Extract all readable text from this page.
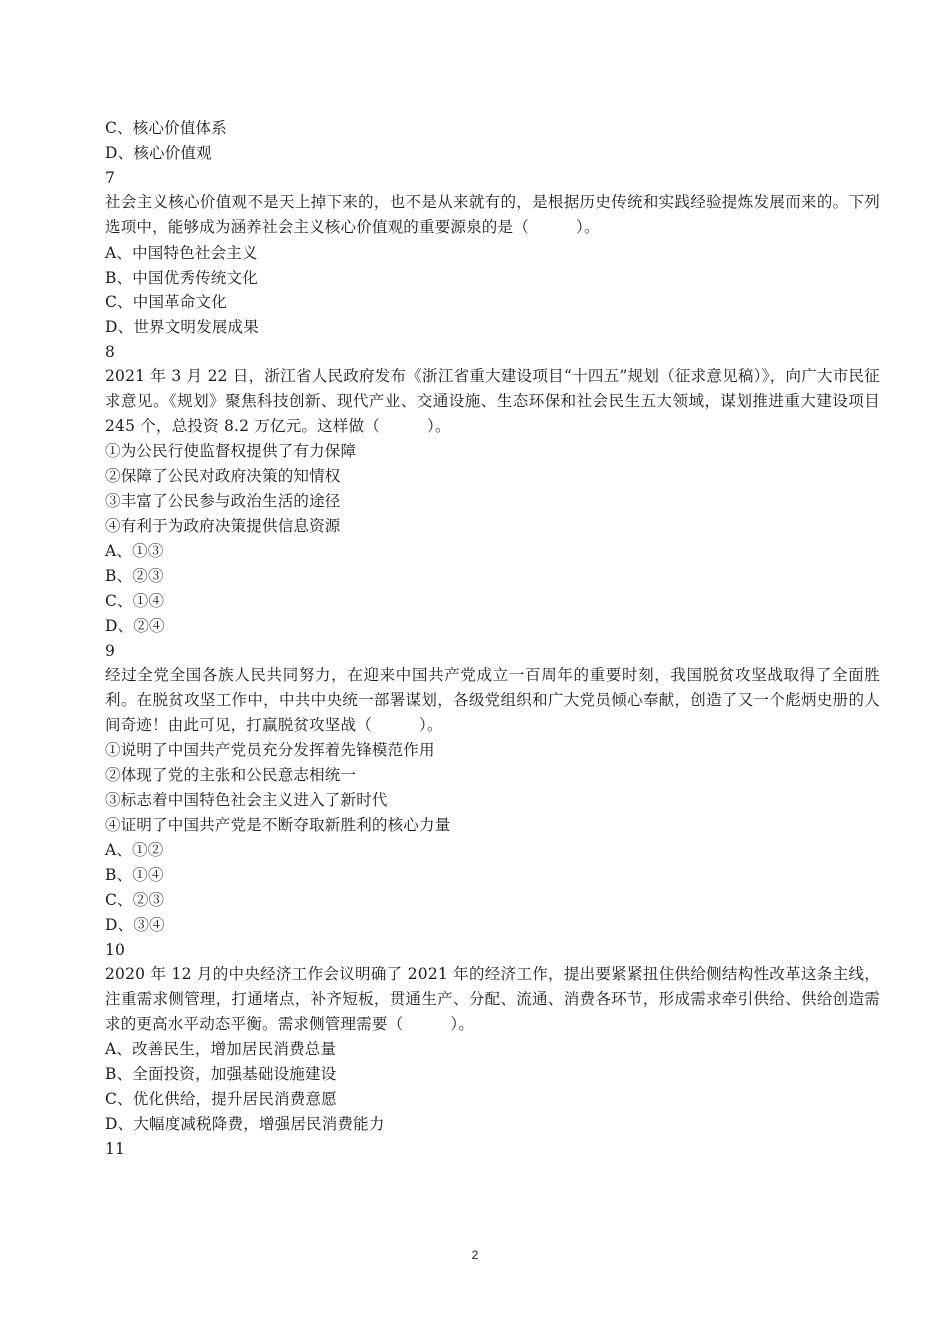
C、核心价值体系
D、核心价值观
7
社会主义核心价值观不是天上掉下来的，也不是从来就有的，是根据历史传统和实践经验提炼发展而来的。下列选项中，能够成为涵养社会主义核心价值观的重要源泉的是（　　　）。
A、中国特色社会主义
B、中国优秀传统文化
C、中国革命文化
D、世界文明发展成果
8
2021 年 3 月 22 日，浙江省人民政府发布《浙江省重大建设项目“十四五”规划（征求意见稿）》，向广大市民征求意见。《规划》聚焦科技创新、现代产业、交通设施、生态环保和社会民生五大领域，谋划推进重大建设项目 245 个，总投资 8.2 万亿元。这样做（　　　）。
①为公民行使监督权提供了有力保障
②保障了公民对政府决策的知情权
③丰富了公民参与政治生活的途径
④有利于为政府决策提供信息资源
A、①③
B、②③
C、①④
D、②④
9
经过全党全国各族人民共同努力，在迎来中国共产党成立一百周年的重要时刻，我国脱贫攻坚战取得了全面胜利。在脱贫攻坚工作中，中共中央统一部署谋划，各级党组织和广大党员倾心奉献，创造了又一个彪炳史册的人间奇迹！由此可见，打赢脱贫攻坚战（　　　）。
①说明了中国共产党员充分发挥着先锋模范作用
②体现了党的主张和公民意志相统一
③标志着中国特色社会主义进入了新时代
④证明了中国共产党是不断夺取新胜利的核心力量
A、①②
B、①④
C、②③
D、③④
10
2020 年 12 月的中央经济工作会议明确了 2021 年的经济工作，提出要紧紧扭住供给侧结构性改革这条主线，注重需求侧管理，打通堵点，补齐短板，贯通生产、分配、流通、消费各环节，形成需求牵引供给、供给创造需求的更高水平动态平衡。需求侧管理需要（　　　）。
A、改善民生，增加居民消费总量
B、全面投资，加强基础设施建设
C、优化供给，提升居民消费意愿
D、大幅度减税降费，增强居民消费能力
11
2
